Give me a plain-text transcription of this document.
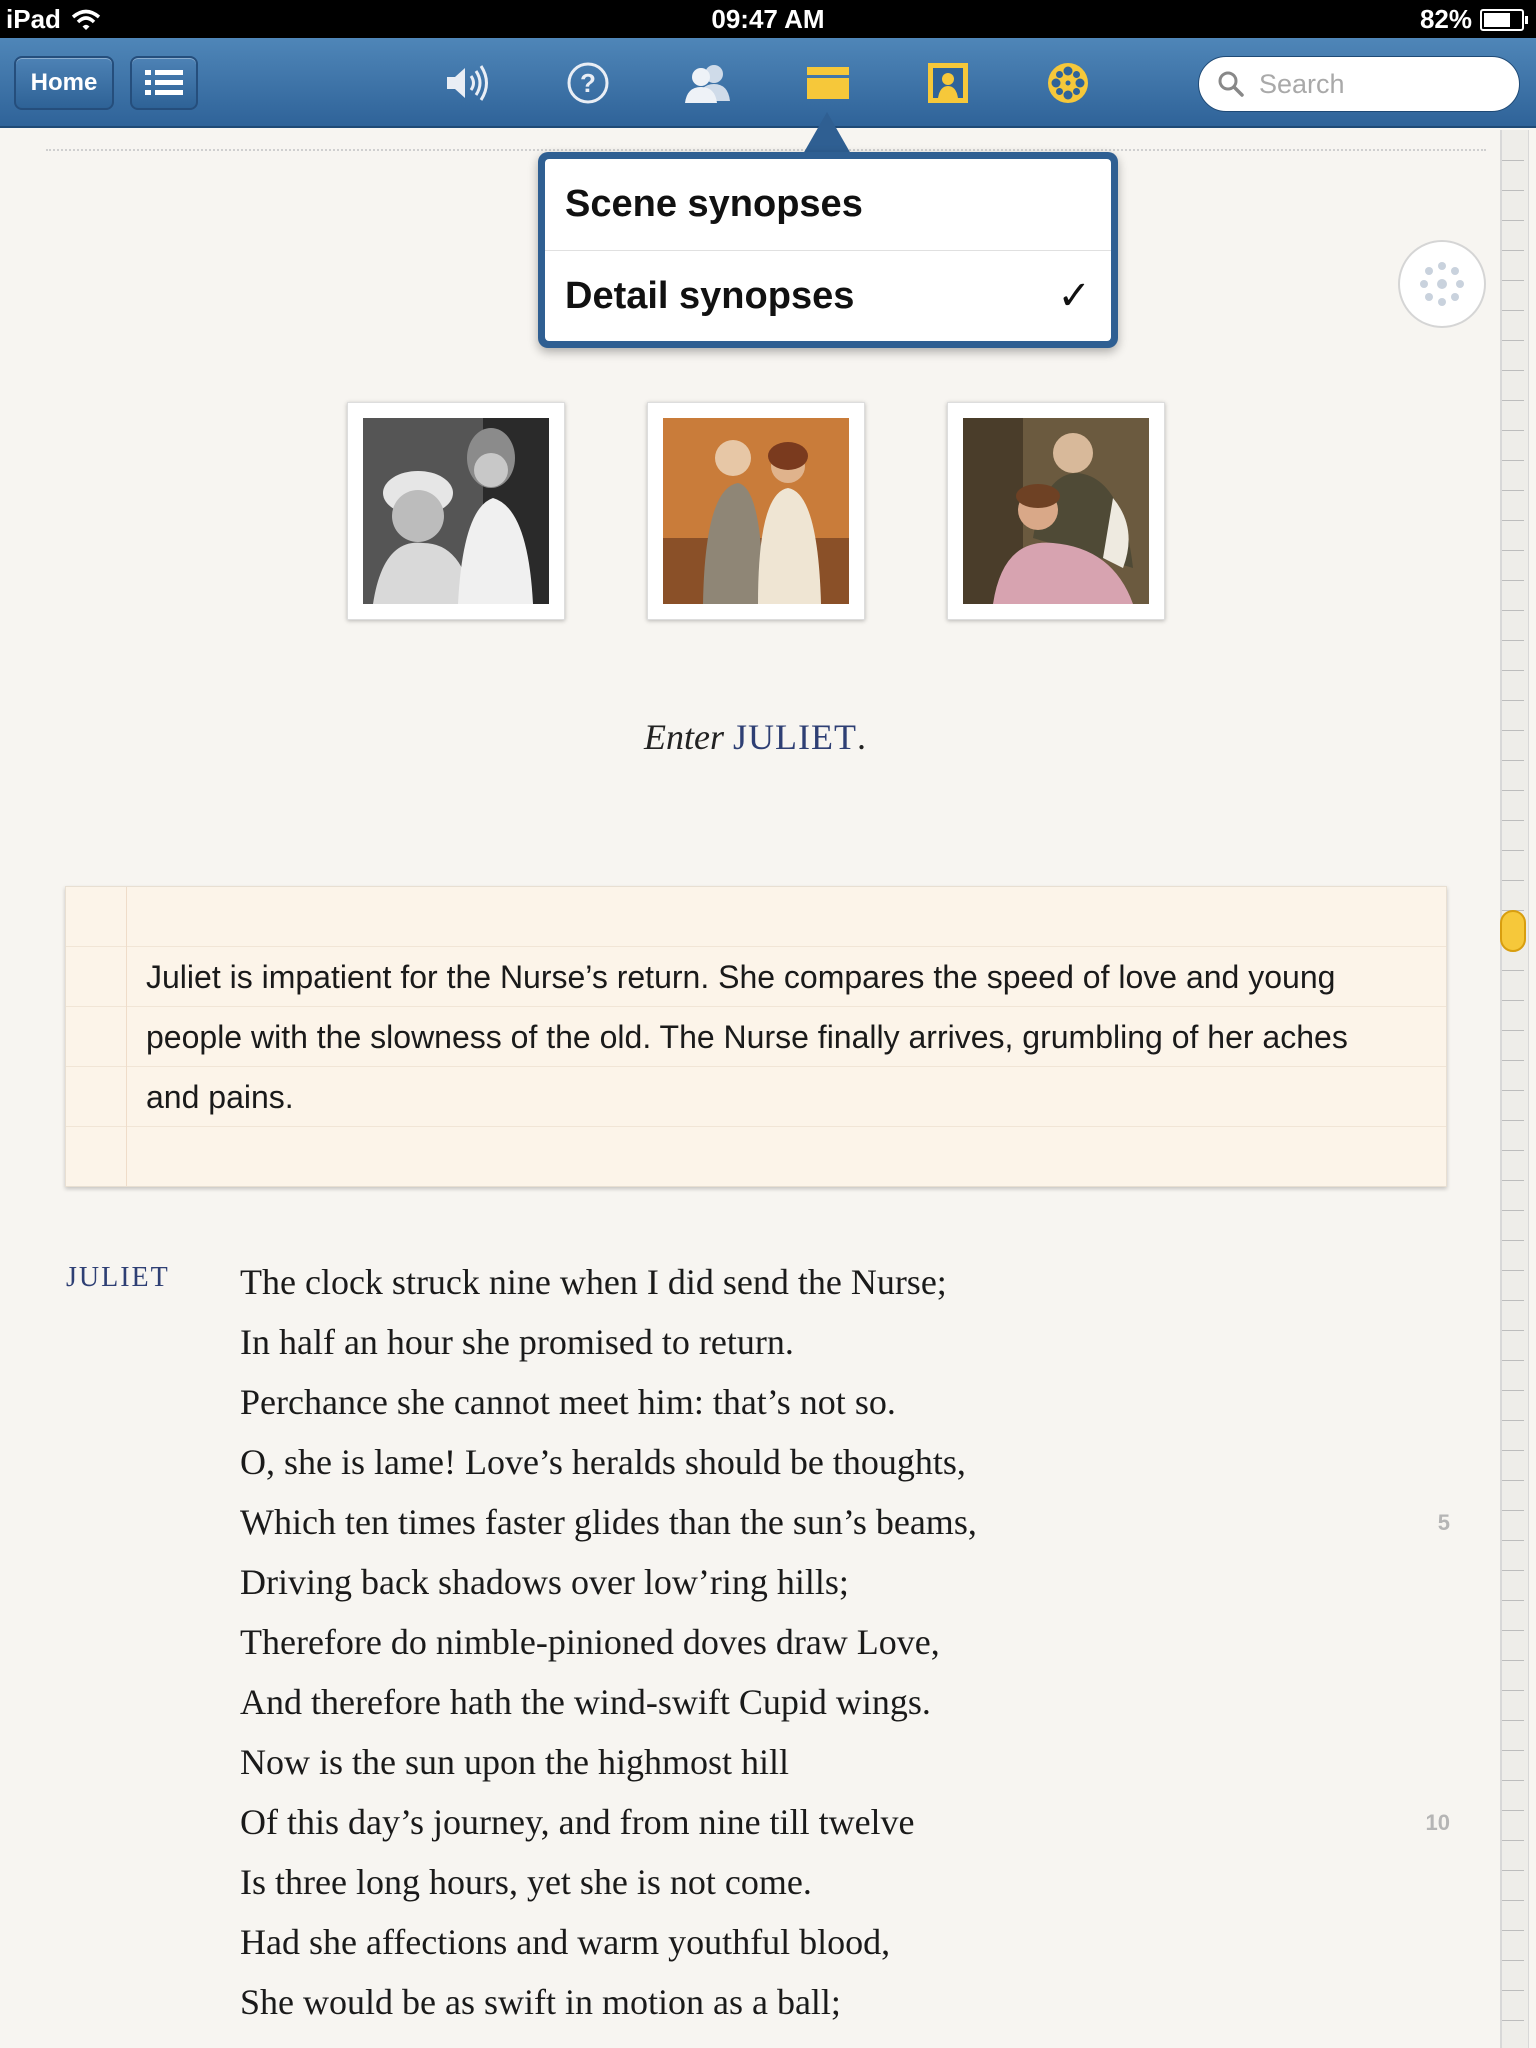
iPad	09:47 AM	82%
Home	?
Search
Scene synopses
Detail synopses	✓
Enter JULIET.
Juliet is impatient for the Nurse’s return. She compares the speed of love and young people with the slowness of the old. The Nurse finally arrives, grumbling of her aches and pains.
JULIET The clock struck nine when I did send the Nurse;
In half an hour she promised to return.
Perchance she cannot meet him: that’s not so.
O, she is lame! Love’s heralds should be thoughts,
Which ten times faster glides than the sun’s beams,
Driving back shadows over low’ring hills;
Therefore do nimble-pinioned doves draw Love,
And therefore hath the wind-swift Cupid wings.
Now is the sun upon the highmost hill
Of this day’s journey, and from nine till twelve
Is three long hours, yet she is not come.
Had she affections and warm youthful blood,
She would be as swift in motion as a ball;
5
10
